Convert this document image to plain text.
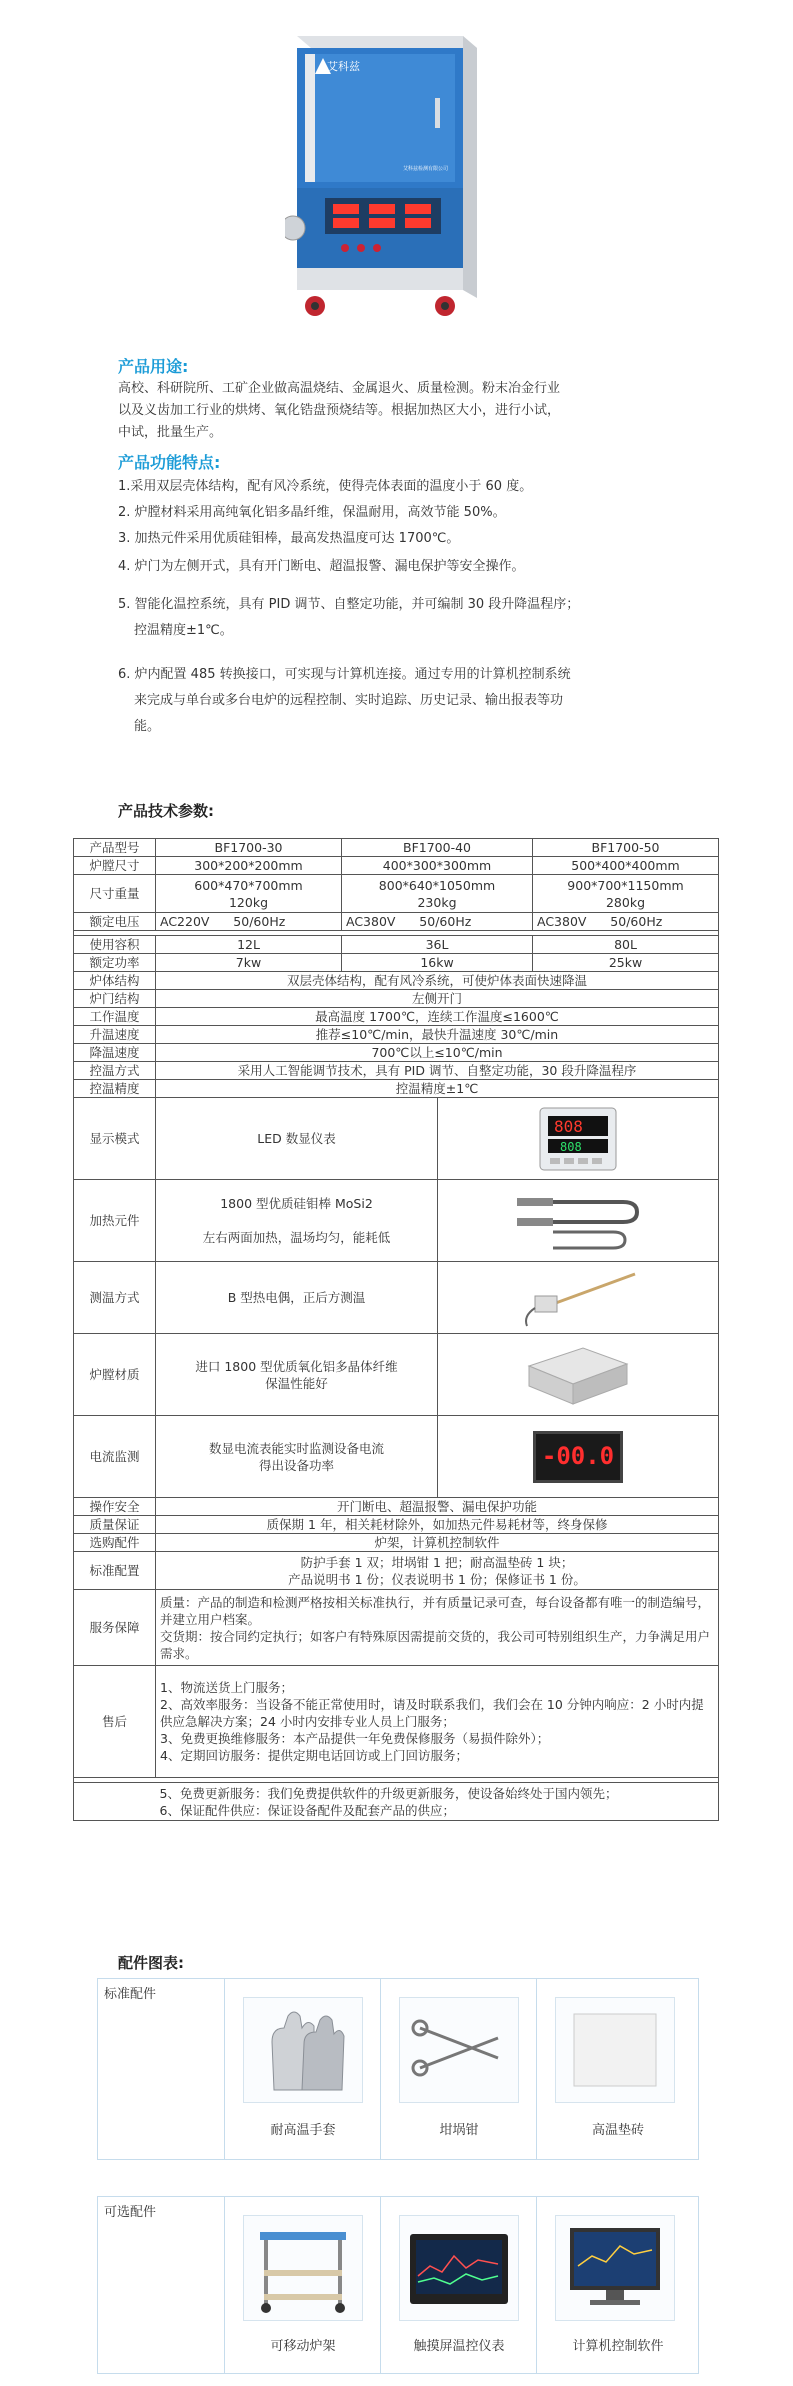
艾科兹
艾科兹检测有限公司
产品用途:
高校、科研院所、工矿企业做高温烧结、金属退火、质量检测。粉末冶金行业
以及义齿加工行业的烘烤、氧化锆盘预烧结等。根据加热区大小，进行小试，
中试，批量生产。
产品功能特点:
1.采用双层壳体结构，配有风冷系统，使得壳体表面的温度小于 60 度。
2. 炉膛材料采用高纯氧化铝多晶纤维，保温耐用，高效节能 50%。
3. 加热元件采用优质硅钼棒，最高发热温度可达 1700℃。
4. 炉门为左侧开式，具有开门断电、超温报警、漏电保护等安全操作。
5. 智能化温控系统，具有 PID 调节、自整定功能，并可编制 30 段升降温程序；
控温精度±1℃。
6. 炉内配置 485 转换接口，可实现与计算机连接。通过专用的计算机控制系统
来完成与单台或多台电炉的远程控制、实时追踪、历史记录、输出报表等功
能。
产品技术参数:
产品型号	BF1700-30	BF1700-40		BF1700-50
炉膛尺寸	300*200*200mm	400*300*300mm		500*400*400mm
尺寸重量	600*470*700mm
120kg	800*640*1050mm
230kg		900*700*1150mm
280kg
额定电压	AC220V      50/60Hz	AC380V      50/60Hz		AC380V      50/60Hz

使用容积	12L	36L		80L
额定功率	7kw	16kw		25kw
炉体结构	双层壳体结构，配有风冷系统，可使炉体表面快速降温			
炉门结构	左侧开门			
工作温度	最高温度 1700℃，连续工作温度≤1600℃			
升温速度	推荐≤10℃/min，最快升温速度 30℃/min			
降温速度	700℃以上≤10℃/min			
控温方式	采用人工智能调节技术，具有 PID 调节、自整定功能，30 段升降温程序			
控温精度	控温精度±1℃			
显示模式	LED 数显仪表		808
808	

加热元件	1800 型优质硅钼棒 MoSi2

左右两面加热，温场均匀，能耗低	

测温方式	B 型热电偶，正后方测温	

炉膛材质	进口 1800 型优质氧化铝多晶体纤维
保温性能好	

电流监测	数显电流表能实时监测设备电流
得出设备功率		-00.0	

操作安全	开门断电、超温报警、漏电保护功能			
质量保证	质保期 1 年，相关耗材除外，如加热元件易耗材等，终身保修			
选购配件	炉架，计算机控制软件			
标准配置	防护手套 1 双；坩埚钳 1 把；耐高温垫砖 1 块；
产品说明书 1 份；仪表说明书 1 份；保修证书 1 份。			
服务保障	质量：产品的制造和检测严格按相关标准执行，并有质量记录可查，每台设备都有唯一的制造编号，并建立用户档案。
交货期：按合同约定执行；如客户有特殊原因需提前交货的，我公司可特别组织生产，力争满足用户需求。			
售后	1、物流送货上门服务；
2、高效率服务：当设备不能正常使用时，请及时联系我们，我们会在 10 分钟内响应：2 小时内提供应急解决方案；24 小时内安排专业人员上门服务；
3、免费更换维修服务：本产品提供一年免费保修服务（易损件除外）；
4、定期回访服务：提供定期电话回访或上门回访服务；			

	5、免费更新服务：我们免费提供软件的升级更新服务，使设备始终处于国内领先；
6、保证配件供应：保证设备配件及配套产品的供应；			
配件图表:
标准配件
耐高温手套	坩埚钳	高温垫砖
可选配件
可移动炉架	触摸屏温控仪表	计算机控制软件
